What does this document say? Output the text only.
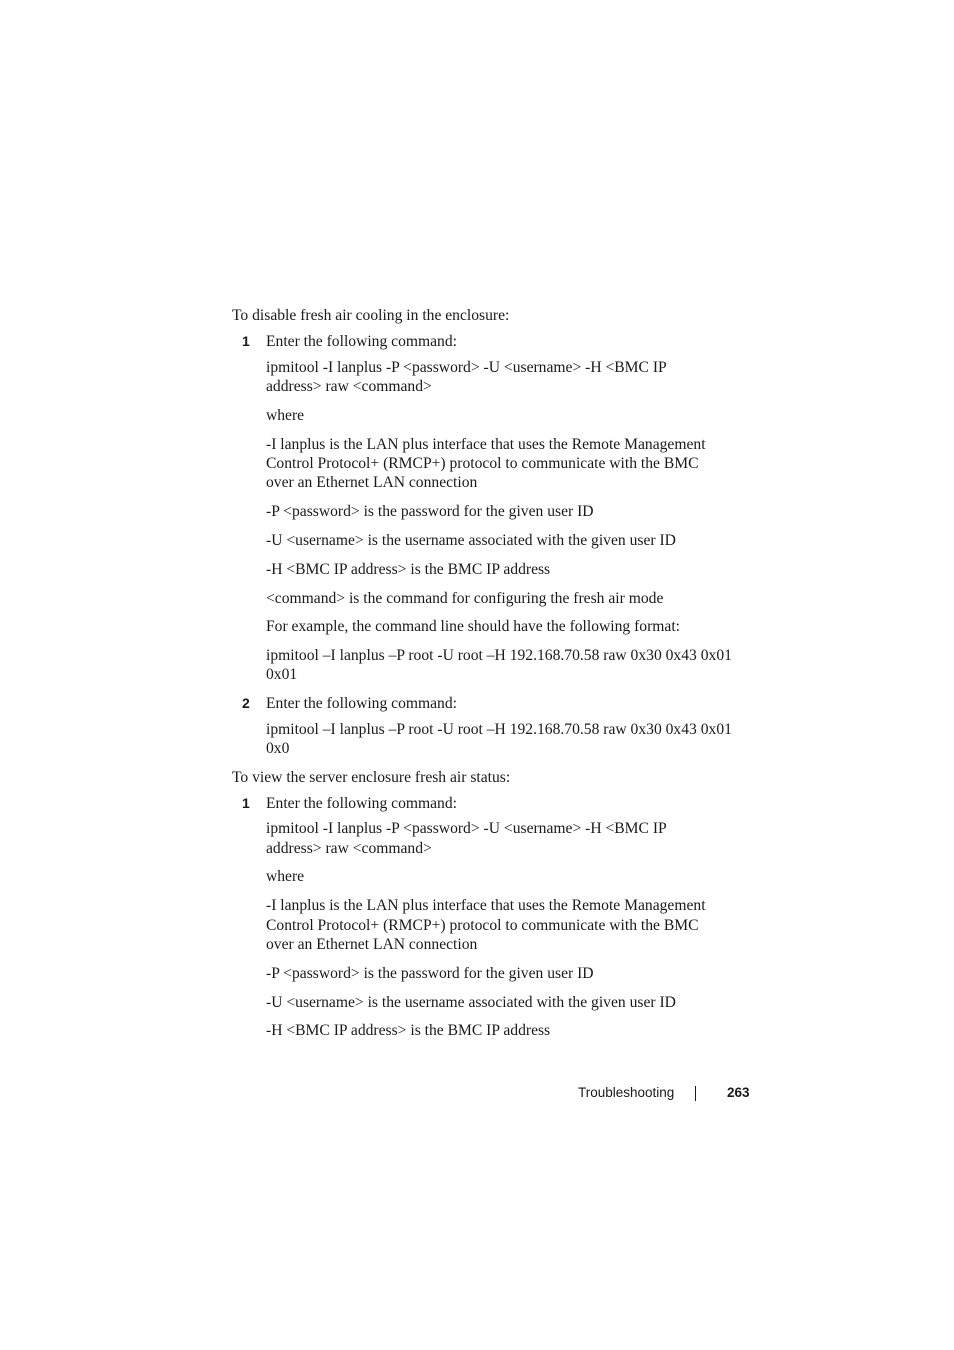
To disable fresh air cooling in the enclosure:

1 Enter the following command:

ipmitool -I lanplus -P <password> -U <username> -H <BMC IP

address> raw <command>

where

-I lanplus is the LAN plus interface that uses the Remote Management

Control Protocol+ (RMCP+) protocol to communicate with the BMC

over an Ethernet LAN connection

-P <password> is the password for the given user ID

-U <username> is the username associated with the given user ID

-H <BMC IP address> is the BMC IP address

<command> is the command for configuring the fresh air mode

For example, the command line should have the following format:

ipmitool –I lanplus –P root -U root –H 192.168.70.58 raw 0x30 0x43 0x01

0x01

2 Enter the following command:

ipmitool –I lanplus –P root -U root –H 192.168.70.58 raw 0x30 0x43 0x01

0x0

To view the server enclosure fresh air status:

1 Enter the following command:

ipmitool -I lanplus -P <password> -U <username> -H <BMC IP

address> raw <command>

where

-I lanplus is the LAN plus interface that uses the Remote Management

Control Protocol+ (RMCP+) protocol to communicate with the BMC

over an Ethernet LAN connection

-P <password> is the password for the given user ID

-U <username> is the username associated with the given user ID

-H <BMC IP address> is the BMC IP address

Troubleshooting	263
